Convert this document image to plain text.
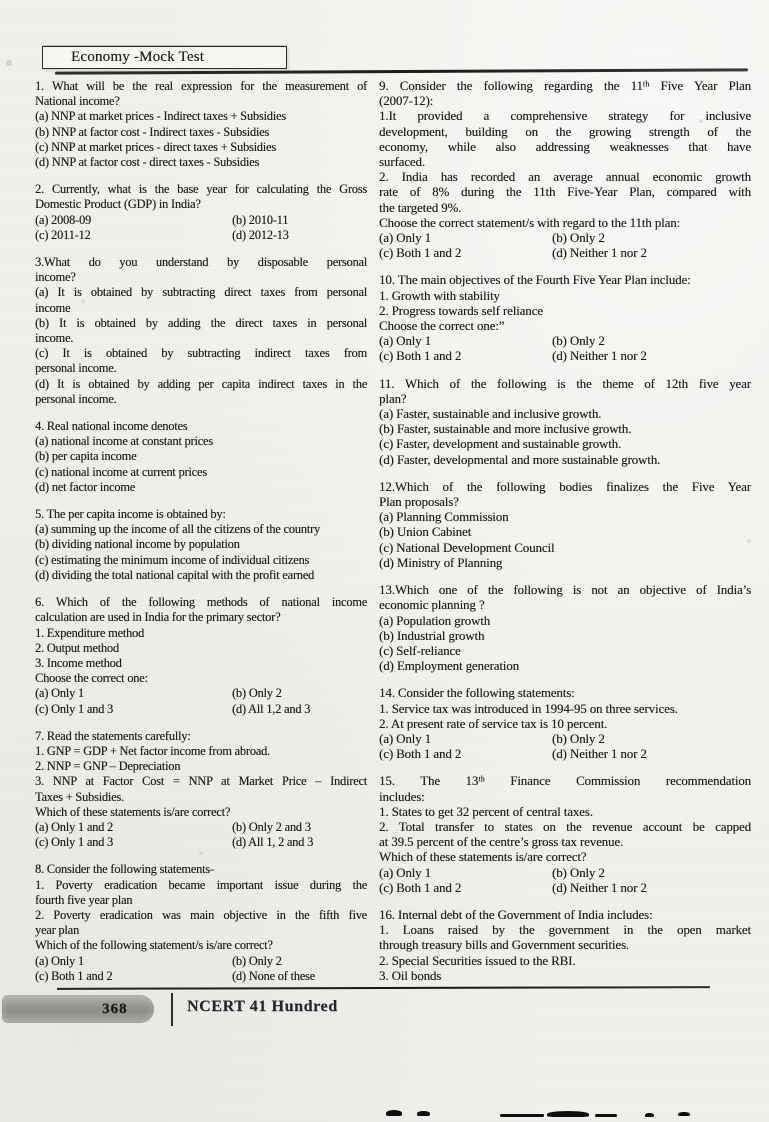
Economy -Mock Test
1. What will be the real expression for the measurement of
National income?
(a) NNP at market prices - Indirect taxes + Subsidies
(b) NNP at factor cost - Indirect taxes - Subsidies
(c) NNP at market prices - direct taxes + Subsidies
(d) NNP at factor cost - direct taxes - Subsidies
2. Currently, what is the base year for calculating the Gross
Domestic Product (GDP) in India?
(a) 2008-09	(b) 2010-11
(c) 2011-12	(d) 2012-13
3.What do you understand by disposable personal
income?
(a) It is obtained by subtracting direct taxes from personal
income
(b) It is obtained by adding the direct taxes in personal
income.
(c) It is obtained by subtracting indirect taxes from
personal income.
(d) It is obtained by adding per capita indirect taxes in the
personal income.
4. Real national income denotes
(a) national income at constant prices
(b) per capita income
(c) national income at current prices
(d) net factor income
5. The per capita income is obtained by:
(a) summing up the income of all the citizens of the country
(b) dividing national income by population
(c) estimating the minimum income of individual citizens
(d) dividing the total national capital with the profit earned
6. Which of the following methods of national income
calculation are used in India for the primary sector?
1. Expenditure method
2. Output method
3. Income method
Choose the correct one:
(a) Only 1	(b) Only 2
(c) Only 1 and 3	(d) All 1,2 and 3
7. Read the statements carefully:
1. GNP = GDP + Net factor income from abroad.
2. NNP = GNP – Depreciation
3. NNP at Factor Cost = NNP at Market Price – Indirect
Taxes + Subsidies.
Which of these statements is/are correct?
(a) Only 1 and 2	(b) Only 2 and 3
(c) Only 1 and 3	(d) All 1, 2 and 3
8. Consider the following statements-
1. Poverty eradication became important issue during the
fourth five year plan
2. Poverty eradication was main objective in the fifth five
year plan
Which of the following statement/s is/are correct?
(a) Only 1	(b) Only 2
(c) Both 1 and 2	(d) None of these
9. Consider the following regarding the 11ᵗʰ Five Year Plan
(2007-12):
1.It provided a comprehensive strategy for inclusive
development, building on the growing strength of the
economy, while also addressing weaknesses that have
surfaced.
2. India has recorded an average annual economic growth
rate of 8% during the 11th Five-Year Plan, compared with
the targeted 9%.
Choose the correct statement/s with regard to the 11th plan:
(a) Only 1	(b) Only 2
(c) Both 1 and 2	(d) Neither 1 nor 2
10. The main objectives of the Fourth Five Year Plan include:
1. Growth with stability
2. Progress towards self reliance
Choose the correct one:”
(a) Only 1	(b) Only 2
(c) Both 1 and 2	(d) Neither 1 nor 2
11. Which of the following is the theme of 12th five year
plan?
(a) Faster, sustainable and inclusive growth.
(b) Faster, sustainable and more inclusive growth.
(c) Faster, development and sustainable growth.
(d) Faster, developmental and more sustainable growth.
12.Which of the following bodies finalizes the Five Year
Plan proposals?
(a) Planning Commission
(b) Union Cabinet
(c) National Development Council
(d) Ministry of Planning
13.Which one of the following is not an objective of India’s
economic planning ?
(a) Population growth
(b) Industrial growth
(c) Self-reliance
(d) Employment generation
14. Consider the following statements:
1. Service tax was introduced in 1994-95 on three services.
2. At present rate of service tax is 10 percent.
(a) Only 1	(b) Only 2
(c) Both 1 and 2	(d) Neither 1 nor 2
15. The 13ᵗʰ Finance Commission recommendation
includes:
1. States to get 32 percent of central taxes.
2. Total transfer to states on the revenue account be capped
at 39.5 percent of the centre’s gross tax revenue.
Which of these statements is/are correct?
(a) Only 1	(b) Only 2
(c) Both 1 and 2	(d) Neither 1 nor 2
16. Internal debt of the Government of India includes:
1. Loans raised by the government in the open market
through treasury bills and Government securities.
2. Special Securities issued to the RBI.
3. Oil bonds
368	NCERT 41 Hundred
